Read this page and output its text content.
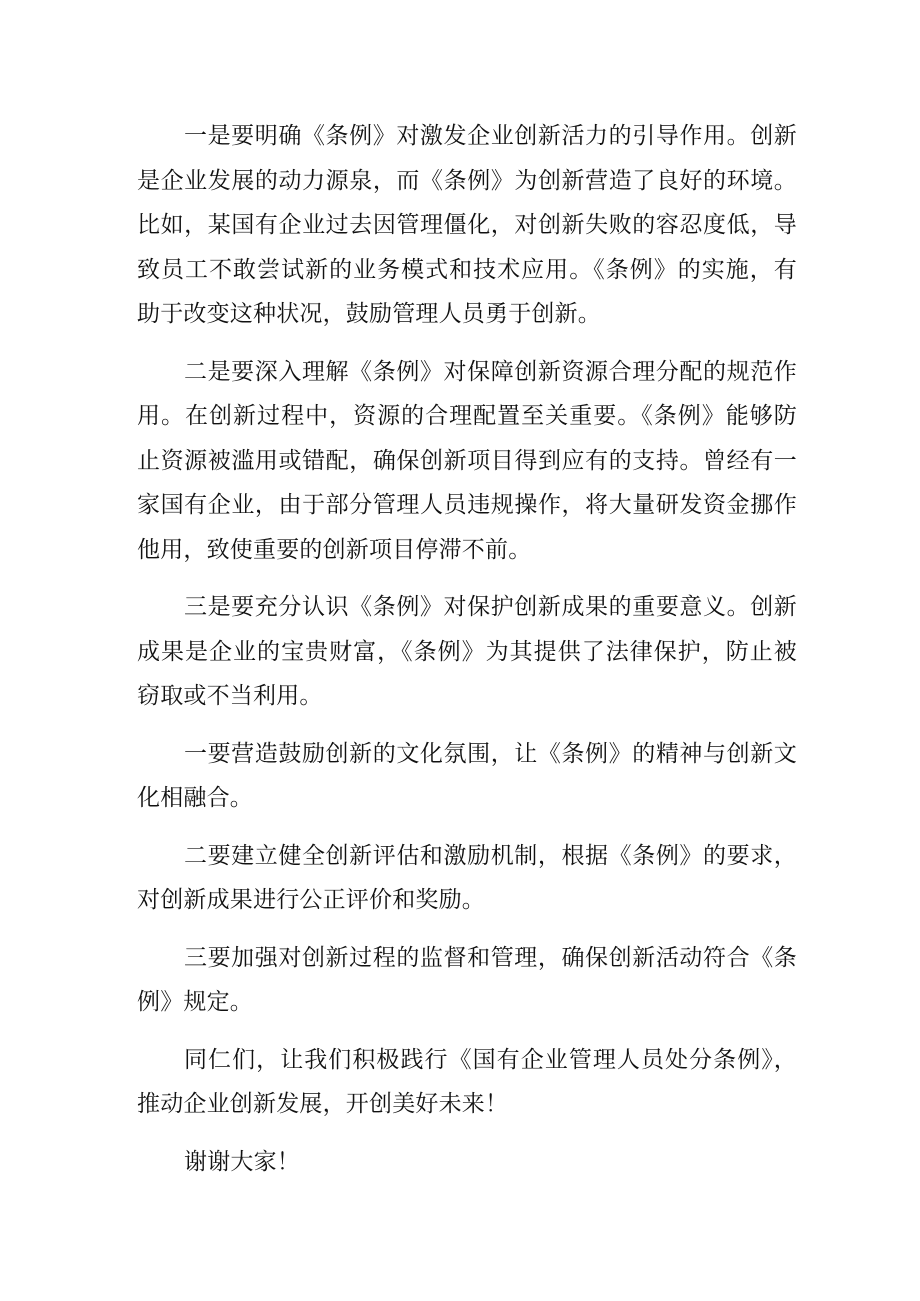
一是要明确《条例》对激发企业创新活力的引导作用。创新是企业发展的动力源泉，而《条例》为创新营造了良好的环境。比如，某国有企业过去因管理僵化，对创新失败的容忍度低，导致员工不敢尝试新的业务模式和技术应用。《条例》的实施，有助于改变这种状况，鼓励管理人员勇于创新。

二是要深入理解《条例》对保障创新资源合理分配的规范作用。在创新过程中，资源的合理配置至关重要。《条例》能够防止资源被滥用或错配，确保创新项目得到应有的支持。曾经有一家国有企业，由于部分管理人员违规操作，将大量研发资金挪作他用，致使重要的创新项目停滞不前。

三是要充分认识《条例》对保护创新成果的重要意义。创新成果是企业的宝贵财富，《条例》为其提供了法律保护，防止被窃取或不当利用。

一要营造鼓励创新的文化氛围，让《条例》的精神与创新文化相融合。

二要建立健全创新评估和激励机制，根据《条例》的要求，对创新成果进行公正评价和奖励。

三要加强对创新过程的监督和管理，确保创新活动符合《条例》规定。

同仁们，让我们积极践行《国有企业管理人员处分条例》，推动企业创新发展，开创美好未来！

谢谢大家！
